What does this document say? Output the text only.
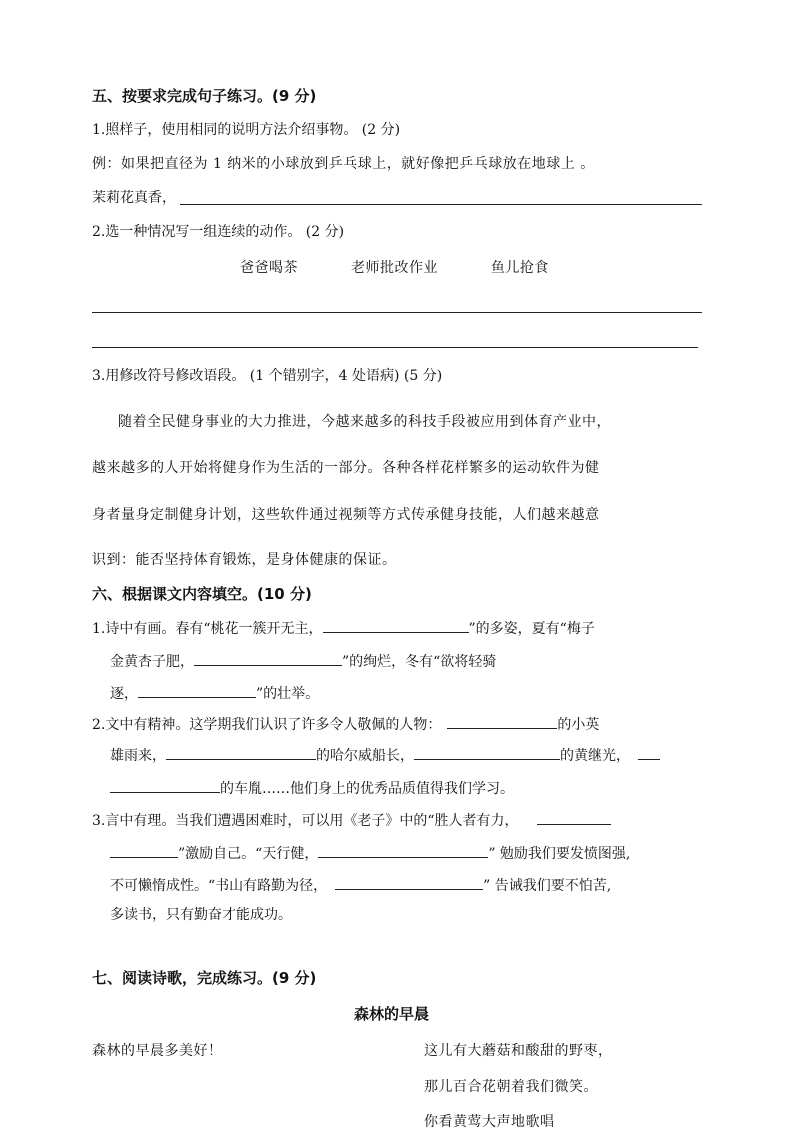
五、按要求完成句子练习。(9 分)
1.照样子，使用相同的说明方法介绍事物。 (2 分)
例：如果把直径为 1 纳米的小球放到乒乓球上，就好像把乒乓球放在地球上 。
茉莉花真香，
2.选一种情况写一组连续的动作。 (2 分)
爸爸喝茶	老师批改作业	鱼儿抢食
3.用修改符号修改语段。 (1 个错别字，4 处语病) (5 分)
随着全民健身事业的大力推进，今越来越多的科技手段被应用到体育产业中，
越来越多的人开始将健身作为生活的一部分。各种各样花样繁多的运动软件为健
身者量身定制健身计划，这些软件通过视频等方式传承健身技能，人们越来越意
识到：能否坚持体育锻炼，是身体健康的保证。
六、根据课文内容填空。(10 分)
1.诗中有画。春有“桃花一簇开无主，	”的多姿，夏有“梅子
金黄杏子肥，	”的绚烂，冬有“欲将轻骑
逐，	”的壮举。
2.文中有精神。这学期我们认识了许多令人敬佩的人物：	的小英
雄雨来，	的哈尔威船长，	的黄继光，
的车胤……他们身上的优秀品质值得我们学习。
3.言中有理。当我们遭遇困难时，可以用《老子》中的“胜人者有力，
”激励自己。“天行健，	” 勉励我们要发愤图强,
不可懒惰成性。“书山有路勤为径，	” 告诫我们要不怕苦,
多读书，只有勤奋才能成功。
七、阅读诗歌，完成练习。(9 分)
森林的早晨
森林的早晨多美好！	这儿有大蘑菇和酸甜的野枣，
那儿百合花朝着我们微笑。
你看黄莺大声地歌唱
